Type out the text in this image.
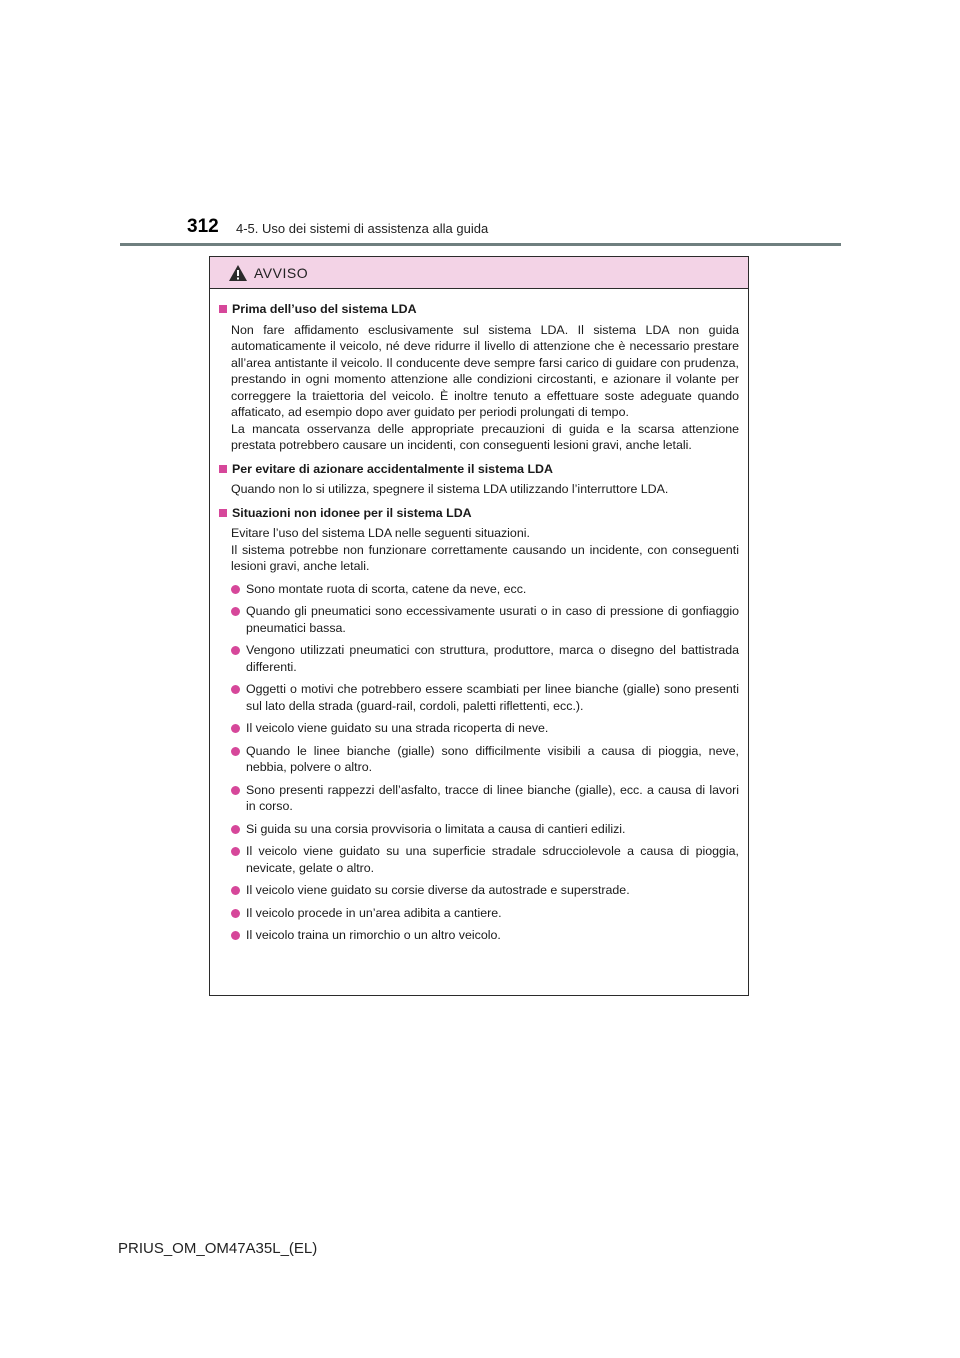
312 4-5. Uso dei sistemi di assistenza alla guida
AVVISO
Prima dell’uso del sistema LDA

Non fare affidamento esclusivamente sul sistema LDA. Il sistema LDA non guida automaticamente il veicolo, né deve ridurre il livello di attenzione che è necessario prestare all’area antistante il veicolo. Il conducente deve sempre farsi carico di guidare con prudenza, prestando in ogni momento attenzione alle condizioni circostanti, e azionare il volante per correggere la traiettoria del veicolo. È inoltre tenuto a effettuare soste adeguate quando affaticato, ad esempio dopo aver guidato per periodi prolungati di tempo.

La mancata osservanza delle appropriate precauzioni di guida e la scarsa attenzione prestata potrebbero causare un incidenti, con conseguenti lesioni gravi, anche letali.

Per evitare di azionare accidentalmente il sistema LDA

Quando non lo si utilizza, spegnere il sistema LDA utilizzando l’interruttore LDA.

Situazioni non idonee per il sistema LDA

Evitare l’uso del sistema LDA nelle seguenti situazioni.

Il sistema potrebbe non funzionare correttamente causando un incidente, con conseguenti lesioni gravi, anche letali.

Sono montate ruota di scorta, catene da neve, ecc.
Quando gli pneumatici sono eccessivamente usurati o in caso di pressione di gonfiaggio pneumatici bassa.
Vengono utilizzati pneumatici con struttura, produttore, marca o disegno del battistrada differenti.
Oggetti o motivi che potrebbero essere scambiati per linee bianche (gialle) sono presenti sul lato della strada (guard-rail, cordoli, paletti riflettenti, ecc.).
Il veicolo viene guidato su una strada ricoperta di neve.
Quando le linee bianche (gialle) sono difficilmente visibili a causa di pioggia, neve, nebbia, polvere o altro.
Sono presenti rappezzi dell’asfalto, tracce di linee bianche (gialle), ecc. a causa di lavori in corso.
Si guida su una corsia provvisoria o limitata a causa di cantieri edilizi.
Il veicolo viene guidato su una superficie stradale sdrucciolevole a causa di pioggia, nevicate, gelate o altro.
Il veicolo viene guidato su corsie diverse da autostrade e superstrade.
Il veicolo procede in un’area adibita a cantiere.
Il veicolo traina un rimorchio o un altro veicolo.
PRIUS_OM_OM47A35L_(EL)
